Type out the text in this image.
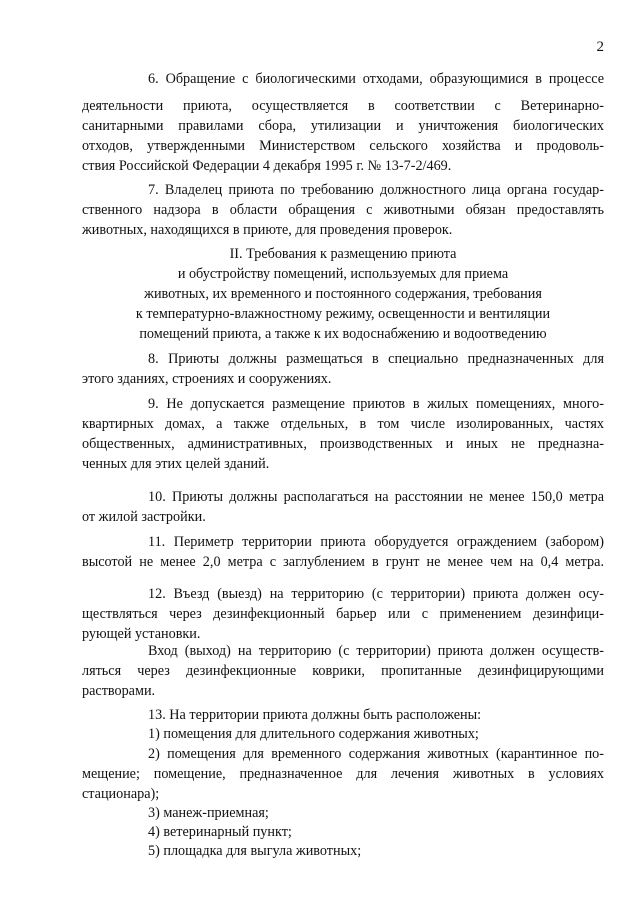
2
6. Обращение с биологическими отходами, образующимися в процессе
деятельности приюта, осуществляется в соответствии с Ветеринарно-
санитарными правилами сбора, утилизации и уничтожения биологических
отходов, утвержденными Министерством сельского хозяйства и продоволь-
ствия Российской Федерации 4 декабря 1995 г. № 13-7-2/469.
7. Владелец приюта по требованию должностного лица органа государ-
ственного надзора в области обращения с животными обязан предоставлять
животных, находящихся в приюте, для проведения проверок.
II. Требования к размещению приюта
и обустройству помещений, используемых для приема
животных, их временного и постоянного содержания, требования
к температурно-влажностному режиму, освещенности и вентиляции
помещений приюта, а также к их водоснабжению и водоотведению
8. Приюты должны размещаться в специально предназначенных для
этого зданиях, строениях и сооружениях.
9. Не допускается размещение приютов в жилых помещениях, много-
квартирных домах, а также отдельных, в том числе изолированных, частях
общественных, административных, производственных и иных не предназна-
ченных для этих целей зданий.
10. Приюты должны располагаться на расстоянии не менее 150,0 метра
от жилой застройки.
11. Периметр территории приюта оборудуется ограждением (забором)
высотой не менее 2,0 метра с заглублением в грунт не менее чем на 0,4 метра.
12. Въезд (выезд) на территорию (с территории) приюта должен осу-
ществляться через дезинфекционный барьер или с применением дезинфици-
рующей установки.
Вход (выход) на территорию (с территории) приюта должен осуществ-
ляться через дезинфекционные коврики, пропитанные дезинфицирующими
растворами.
13. На территории приюта должны быть расположены:
1) помещения для длительного содержания животных;
2) помещения для временного содержания животных (карантинное по-
мещение; помещение, предназначенное для лечения животных в условиях
стационара);
3) манеж-приемная;
4) ветеринарный пункт;
5) площадка для выгула животных;
